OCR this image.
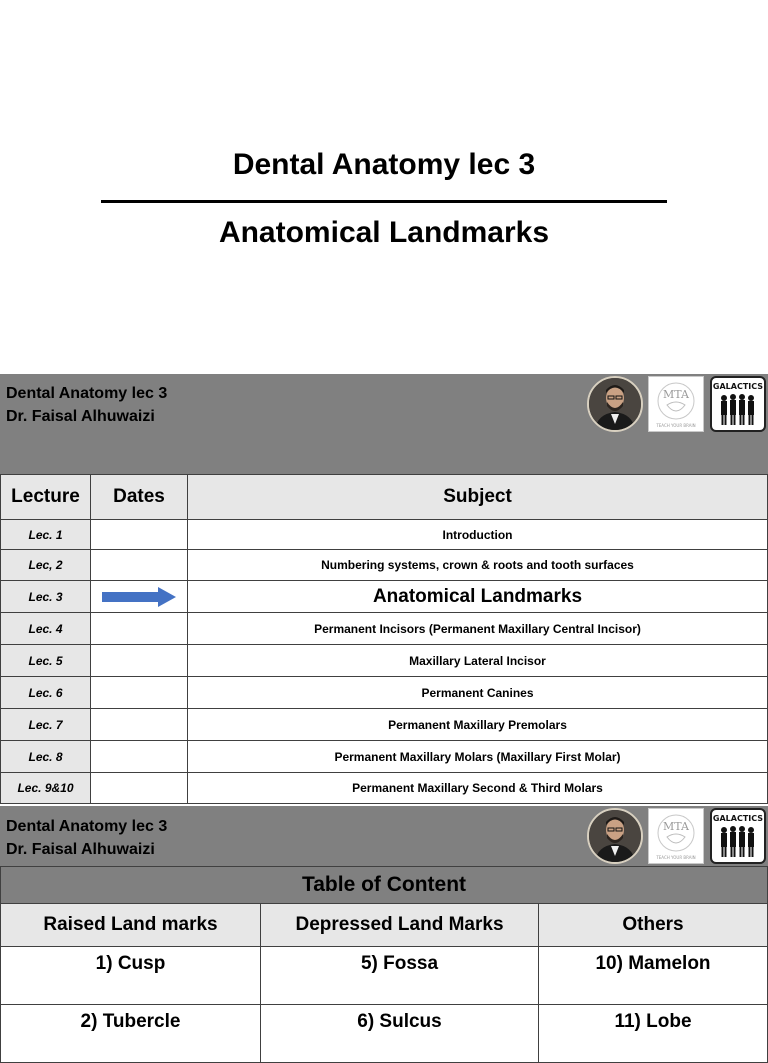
Dental Anatomy lec 3
Anatomical Landmarks
Dental Anatomy lec 3
Dr. Faisal Alhuwaizi
MTA
TEACH YOUR BRAIN
GALACTICS
Lecture	Dates	Subject
Lec. 1		Introduction
Lec, 2		Numbering systems, crown & roots and tooth surfaces
Lec. 3		Anatomical Landmarks
Lec. 4		Permanent Incisors (Permanent Maxillary Central Incisor)
Lec. 5		Maxillary Lateral Incisor
Lec. 6		Permanent Canines
Lec. 7		Permanent Maxillary Premolars
Lec. 8		Permanent Maxillary Molars (Maxillary First Molar)
Lec. 9&10		Permanent Maxillary Second & Third Molars
Dental Anatomy lec 3
Dr. Faisal Alhuwaizi
MTA
TEACH YOUR BRAIN
GALACTICS
Table of Content		
Raised Land marks	Depressed Land Marks	Others
1) Cusp	5) Fossa	10) Mamelon
2) Tubercle	6) Sulcus	11) Lobe
